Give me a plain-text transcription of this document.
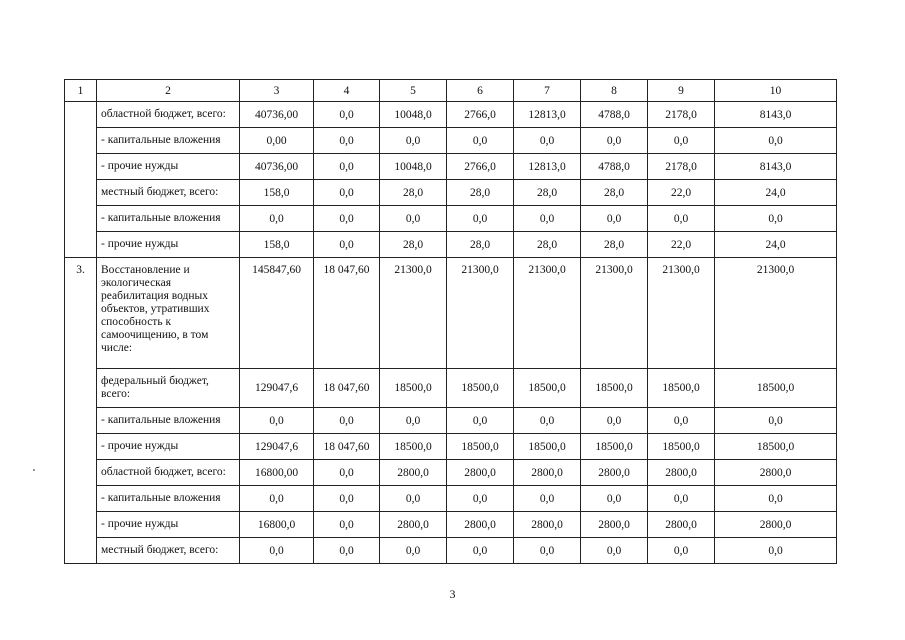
1	2	3	4	5	6	7	8	9	10
	областной бюджет, всего:	40736,00	0,0	10048,0	2766,0	12813,0	4788,0	2178,0	8143,0
	- капитальные вложения	0,00	0,0	0,0	0,0	0,0	0,0	0,0	0,0
	- прочие нужды	40736,00	0,0	10048,0	2766,0	12813,0	4788,0	2178,0	8143,0
	местный бюджет, всего:	158,0	0,0	28,0	28,0	28,0	28,0	22,0	24,0
	- капитальные вложения	0,0	0,0	0,0	0,0	0,0	0,0	0,0	0,0
	- прочие нужды	158,0	0,0	28,0	28,0	28,0	28,0	22,0	24,0
3.	Восстановление и экологическая реабилитация водных объектов, утративших способность к самоочищению, в том числе:	145847,60	18 047,60	21300,0	21300,0	21300,0	21300,0	21300,0	21300,0
	федеральный бюджет, всего:	129047,6	18 047,60	18500,0	18500,0	18500,0	18500,0	18500,0	18500,0
	- капитальные вложения	0,0	0,0	0,0	0,0	0,0	0,0	0,0	0,0
	- прочие нужды	129047,6	18 047,60	18500,0	18500,0	18500,0	18500,0	18500,0	18500,0
	областной бюджет, всего:	16800,00	0,0	2800,0	2800,0	2800,0	2800,0	2800,0	2800,0
	- капитальные вложения	0,0	0,0	0,0	0,0	0,0	0,0	0,0	0,0
	- прочие нужды	16800,0	0,0	2800,0	2800,0	2800,0	2800,0	2800,0	2800,0
	местный бюджет, всего:	0,0	0,0	0,0	0,0	0,0	0,0	0,0	0,0
3
